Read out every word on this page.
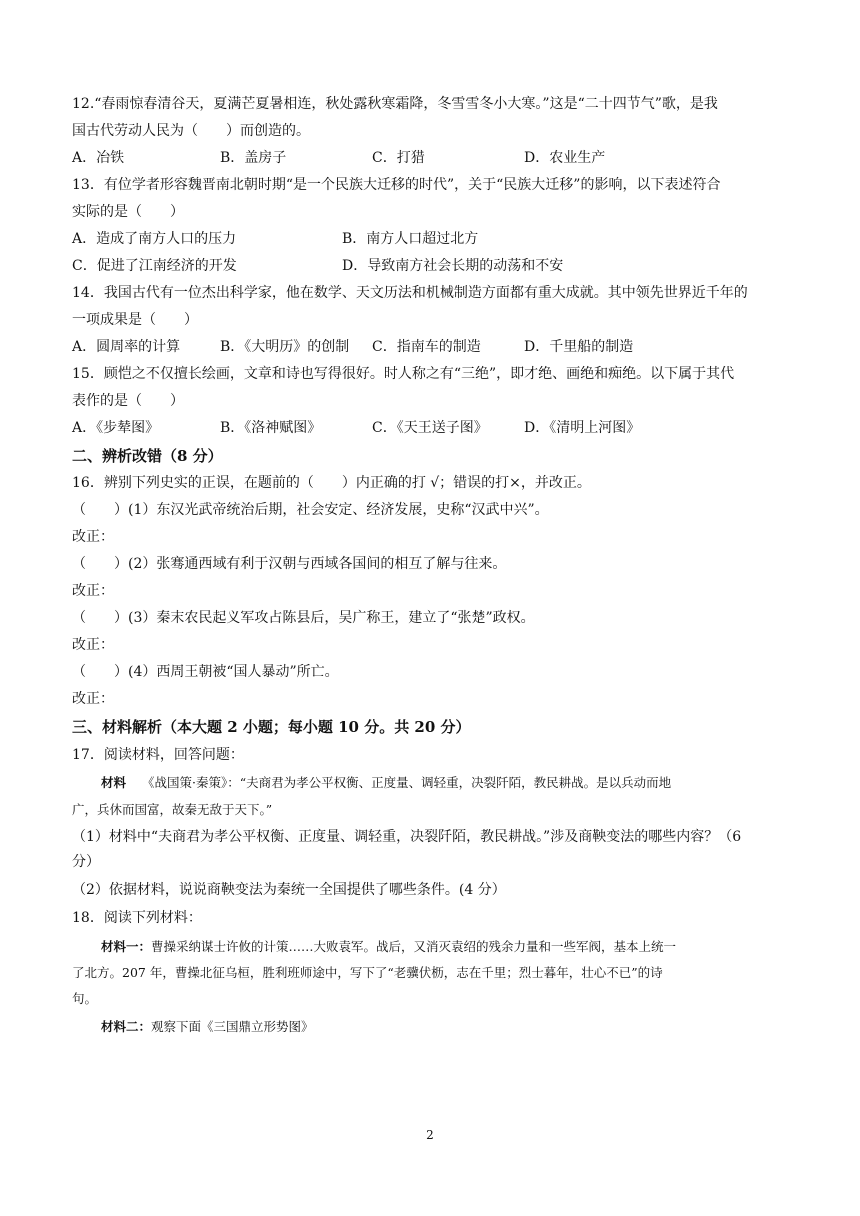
12.“春雨惊春清谷天，夏满芒夏暑相连，秋处露秋寒霜降，冬雪雪冬小大寒。”这是“二十四节气”歌，是我
国古代劳动人民为（　　）而创造的。
A．冶铁	B．盖房子	C．打猎	D．农业生产
13．有位学者形容魏晋南北朝时期“是一个民族大迁移的时代”，关于“民族大迁移”的影响，以下表述符合
实际的是（　　）
A．造成了南方人口的压力	B．南方人口超过北方
C．促进了江南经济的开发	D．导致南方社会长期的动荡和不安
14．我国古代有一位杰出科学家，他在数学、天文历法和机械制造方面都有重大成就。其中领先世界近千年的
一项成果是（　　）
A．圆周率的计算	B．《大明历》的创制 C．指南车的制造	D．千里船的制造
15．顾恺之不仅擅长绘画，文章和诗也写得很好。时人称之有“三绝”，即才绝、画绝和痴绝。以下属于其代
表作的是（　　）
A．《步辇图》	B．《洛神赋图》	C．《天王送子图》	D．《清明上河图》
二、辨析改错（8 分）
16．辨别下列史实的正误，在题前的（　　）内正确的打 √；错误的打×，并改正。
（　　）(1）东汉光武帝统治后期，社会安定、经济发展，史称“汉武中兴”。
改正：
（　　）(2）张骞通西域有利于汉朝与西域各国间的相互了解与往来。
改正：
（　　）(3）秦末农民起义军攻占陈县后，吴广称王，建立了“张楚”政权。
改正：
（　　）(4）西周王朝被“国人暴动”所亡。
改正：
三、材料解析（本大题 2 小题；每小题 10 分。共 20 分）
17．阅读材料，回答问题：
材料 《战国策·秦策》：“夫商君为孝公平权衡、正度量、调轻重，决裂阡陌，教民耕战。是以兵动而地
广，兵休而国富，故秦无敌于天下。”
（1）材料中“夫商君为孝公平权衡、正度量、调轻重，决裂阡陌，教民耕战。”涉及商鞅变法的哪些内容？（6
分）
（2）依据材料，说说商鞅变法为秦统一全国提供了哪些条件。(4 分）
18．阅读下列材料：
材料一：曹操采纳谋士许攸的计策……大败袁军。战后，又消灭袁绍的残余力量和一些军阀，基本上统一
了北方。207 年，曹操北征乌桓，胜利班师途中，写下了“老骥伏枥，志在千里；烈士暮年，壮心不已”的诗
句。
材料二：观察下面《三国鼎立形势图》
2
